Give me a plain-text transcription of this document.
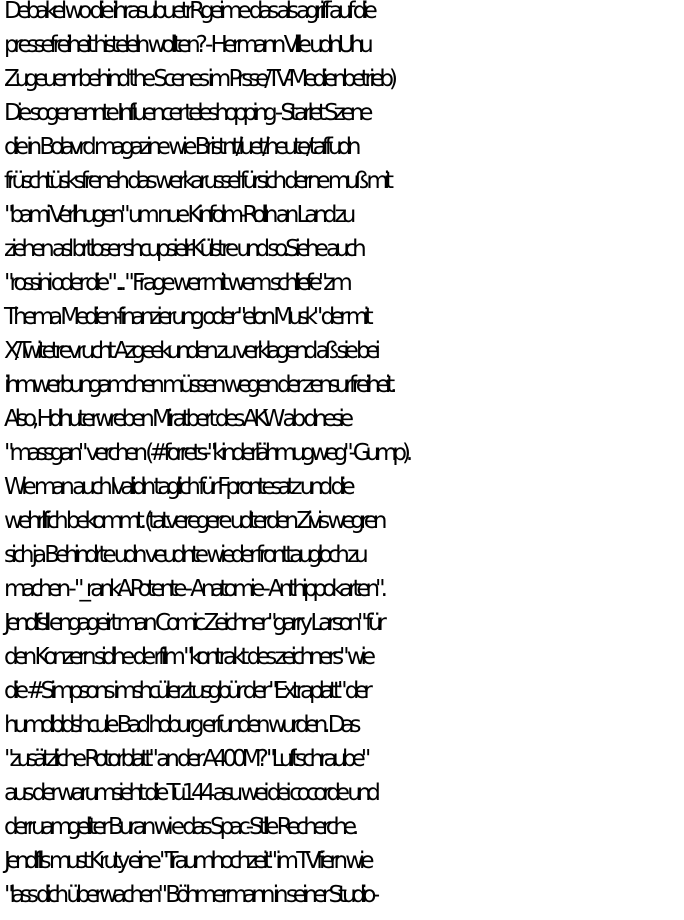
Debakel wo die ihrasubuetrRgeime das als agriff auf die
pressefreiheit histeleln wollten? - Hermann Ville udnUhu
Zugeuenr behind the Scenes im Prsse/TV-Medienbetrieb)
Die sogenennte Influencer teleshopping - Starlet Szene
die in Bolavrd magazine wie Bristnt/luet/heute/taffudn
früschtüsksfreneh das werkarussel fürsich derne muß mit
"bami Verlhugen" um nue Kinfolm-Rolln an Land zu
ziehen asl brtloser shcupsielr-Külstre und so.Siehe auch
"rossini oder die " ... " Frage wer mit wem schliefe"zm
Thema Medien-finanzierung oder "elon Musk" der mit
X/Twitetrevrucht Azgeekunden zu verklagend aß sie bei
ihmwerbungamchen müssen wegen der zensurfreiheit.
Also, Hdhuterwreben Miratbert des AKW ab dnesie
"massgan" verchen (#forrets-"kinderlähmugweg"-Gump).
Wie man auch Ivalidn taglich für Fprontesatz und die
wehrlfich bekommt. (tatveregere udterden Zivis wegren
sich ja Behindrte udn veudnte wieder fronttaugloch zu
machen - "_rankA.Potente - Anatomie - Anthippokarten".
Jendfsll engageirt man Comic Zeichner "garry Larson" für
den Konzern sidhe de rfilm "kontrakt des zeichners" wie
die #Simpsons imshcülerztusgbür der "Extraplatt" der
humdbldshcule Bad hoburg erfunden wurden. Das
"zusätzliche Rotorblatt" an der A400M? "Luftschraube"
aus der warumsieht die Tu144 asu wei dei cocorde und
derruamgeliter Buran wi e das Spac-Stlle Recherche.
Jendflls must Kruty eine "Traumhochzeit" im TVfiern wie
"lass dich überwachen" Böhmermann in seiner Studio-
